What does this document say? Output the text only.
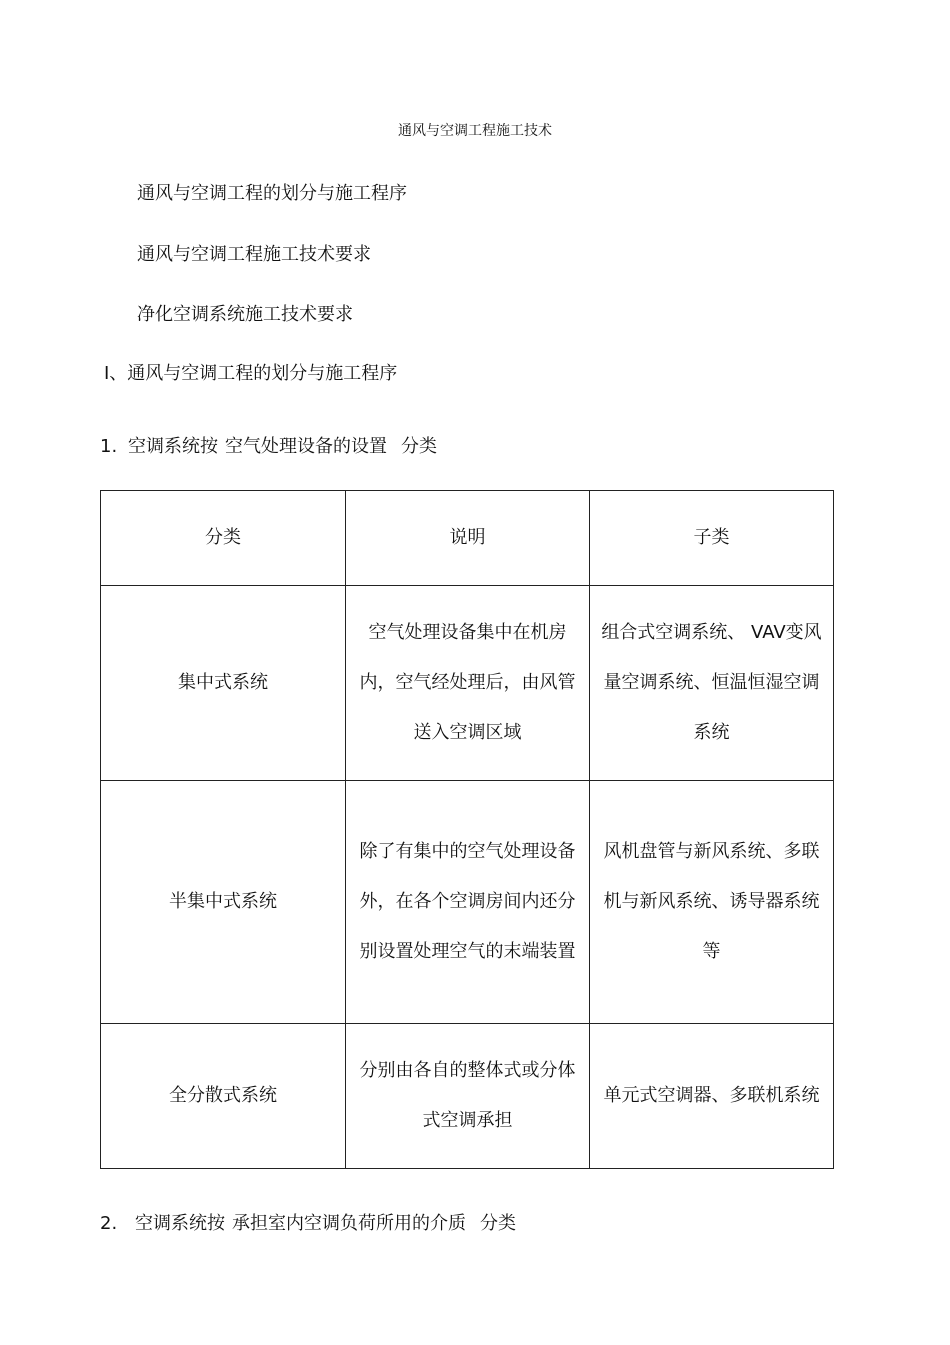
通风与空调工程施工技术
通风与空调工程的划分与施工程序
通风与空调工程施工技术要求
净化空调系统施工技术要求
Ⅰ、通风与空调工程的划分与施工程序
1. 空调系统按 空气处理设备的设置 分类
分类	说明	子类
集中式系统	空气处理设备集中在机房内，空气经处理后，由风管送入空调区域	组合式空调系统、 VAV变风量空调系统、恒温恒湿空调系统
半集中式系统	除了有集中的空气处理设备外，在各个空调房间内还分别设置处理空气的末端装置	风机盘管与新风系统、多联机与新风系统、诱导器系统等
全分散式系统	分别由各自的整体式或分体式空调承担	单元式空调器、多联机系统
2. 空调系统按 承担室内空调负荷所用的介质 分类
